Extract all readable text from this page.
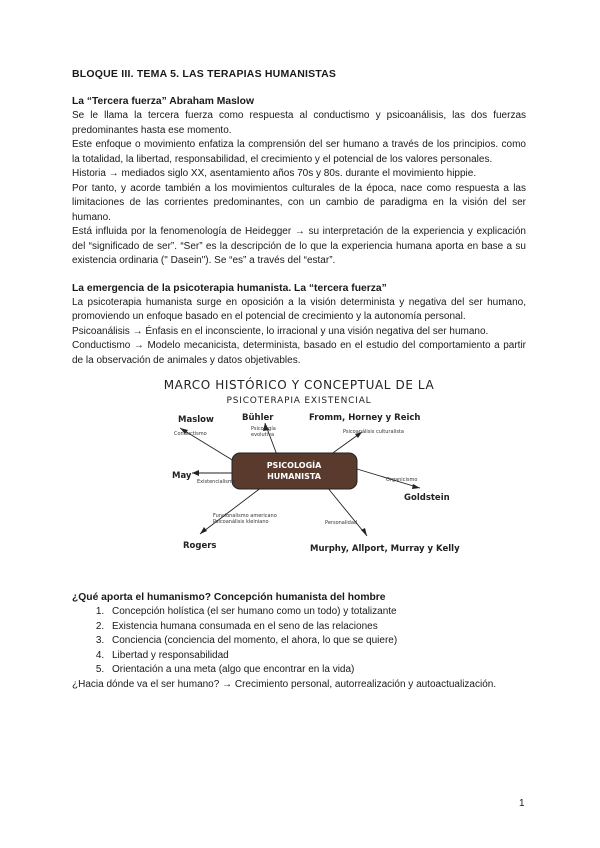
BLOQUE III. TEMA 5. LAS TERAPIAS HUMANISTAS
La “Tercera fuerza” Abraham Maslow

Se le llama la tercera fuerza como respuesta al conductismo y psicoanálisis, las dos fuerzas predominantes hasta ese momento.

Este enfoque o movimiento enfatiza la comprensión del ser humano a través de los principios. como la totalidad, la libertad, responsabilidad, el crecimiento y el potencial de los valores personales.

Historia → mediados siglo XX, asentamiento años 70s y 80s. durante el movimiento hippie.

Por tanto, y acorde también a los movimientos culturales de la época, nace como respuesta a las limitaciones de las corrientes predominantes, con un cambio de paradigma en la visión del ser humano.

Está influida por la fenomenología de Heidegger → su interpretación de la experiencia y explicación del “significado de ser”. “Ser” es la descripción de lo que la experiencia humana aporta en base a su existencia ordinaria (" Dasein"). Se “es” a través del “estar”.

La emergencia de la psicoterapia humanista. La “tercera fuerza”

La psicoterapia humanista surge en oposición a la visión determinista y negativa del ser humano, promoviendo un enfoque basado en el potencial de crecimiento y la autonomía personal.

Psicoanálisis → Énfasis en el inconsciente, lo irracional y una visión negativa del ser humano.

Conductismo → Modelo mecanicista, determinista, basado en el estudio del comportamiento a partir de la observación de animales y datos objetivables.

MARCO HISTÓRICO Y CONCEPTUAL DE LA
PSICOTERAPIA EXISTENCIAL
PSICOLOGÍA
HUMANISTA
Maslow	Bühler	Fromm, Horney y Reich
May
Goldstein
Rogers	Murphy, Allport, Murray y Kelly
Conductismo
Psicología
evolutiva	Psicoanálisis culturalista
Existencialismo	Organicismo
Funcionalismo americano
Psicoanálisis kleiniano	Personalidad
¿Qué aporta el humanismo? Concepción humanista del hombre
1. Concepción holística (el ser humano como un todo) y totalizante
2. Existencia humana consumada en el seno de las relaciones
3. Conciencia (conciencia del momento, el ahora, lo que se quiere)
4. Libertad y responsabilidad
5. Orientación a una meta (algo que encontrar en la vida)

¿Hacia dónde va el ser humano? → Crecimiento personal, autorrealización y autoactualización.

1
